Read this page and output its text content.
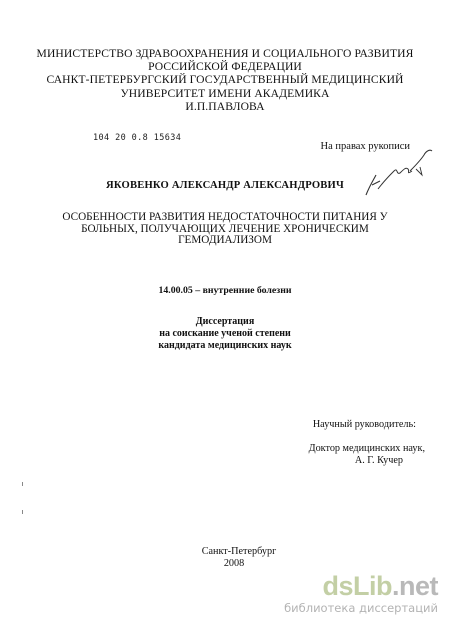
МИНИСТЕРСТВО ЗДРАВООХРАНЕНИЯ И СОЦИАЛЬНОГО РАЗВИТИЯ
РОССИЙСКОЙ ФЕДЕРАЦИИ
САНКТ-ПЕТЕРБУРГСКИЙ ГОСУДАРСТВЕННЫЙ МЕДИЦИНСКИЙ
УНИВЕРСИТЕТ ИМЕНИ АКАДЕМИКА
И.П.ПАВЛОВА
104 20 0.8 15634
На правах рукописи
ЯКОВЕНКО АЛЕКСАНДР АЛЕКСАНДРОВИЧ
ОСОБЕННОСТИ РАЗВИТИЯ НЕДОСТАТОЧНОСТИ ПИТАНИЯ У
БОЛЬНЫХ, ПОЛУЧАЮЩИХ ЛЕЧЕНИЕ ХРОНИЧЕСКИМ
ГЕМОДИАЛИЗОМ
14.00.05 – внутренние болезни
Диссертация
на соискание ученой степени
кандидата медицинских наук
Научный руководитель:
Доктор медицинских наук,
А. Г. Кучер
Санкт-Петербург
2008
dsLib.net
библиотека диссертаций
